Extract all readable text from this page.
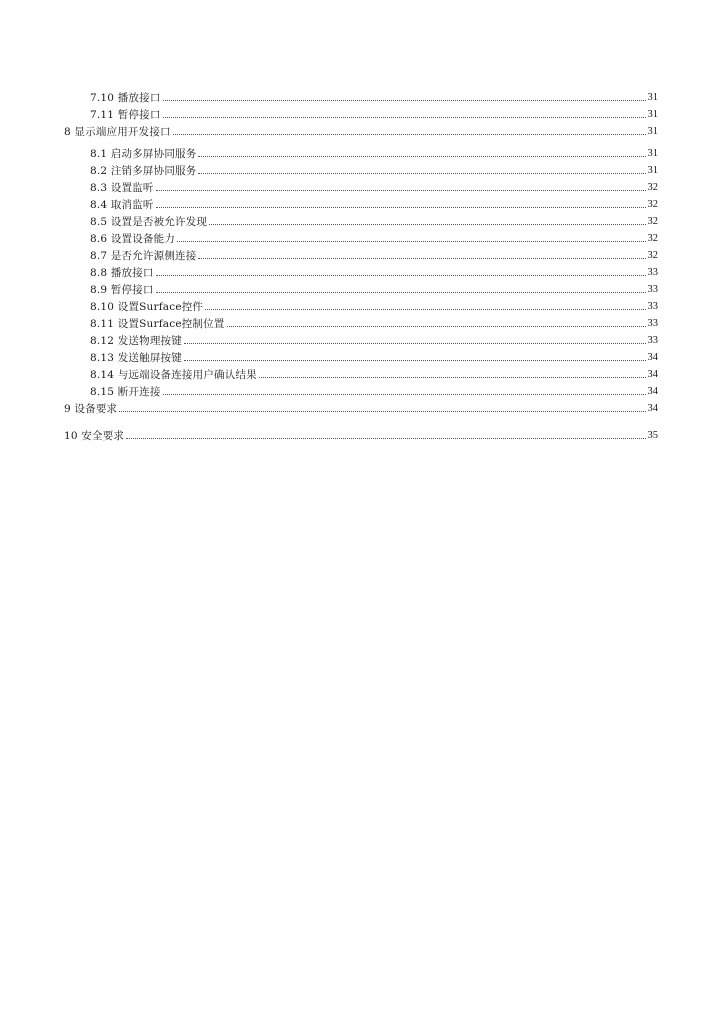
7.10 播放接口	31
7.11 暂停接口	31
8 显示端应用开发接口	31
8.1 启动多屏协同服务	31
8.2 注销多屏协同服务	31
8.3 设置监听	32
8.4 取消监听	32
8.5 设置是否被允许发现	32
8.6 设置设备能力	32
8.7 是否允许源侧连接	32
8.8 播放接口	33
8.9 暂停接口	33
8.10 设置Surface控件	33
8.11 设置Surface控制位置	33
8.12 发送物理按键	33
8.13 发送触屏按键	34
8.14 与远端设备连接用户确认结果	34
8.15 断开连接	34
9 设备要求	34
10 安全要求	35
